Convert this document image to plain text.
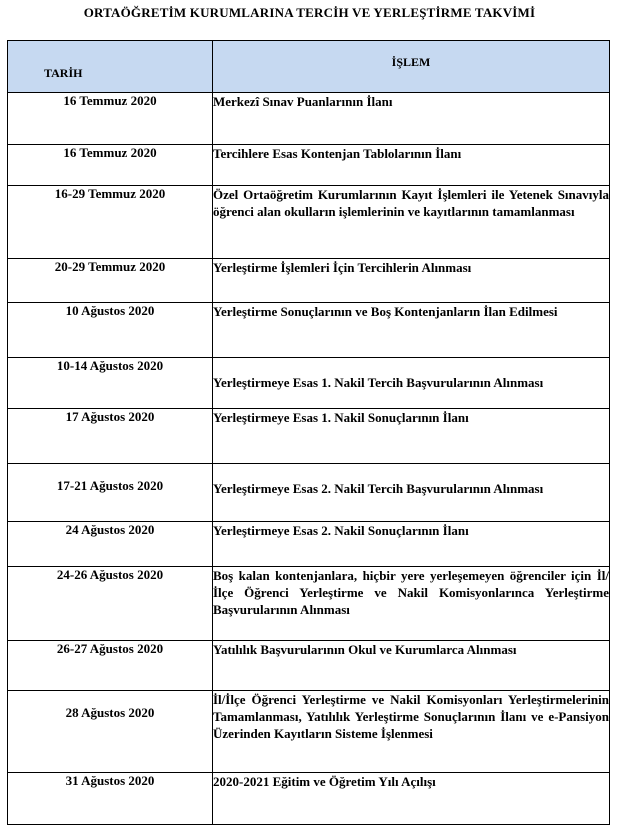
ORTAÖĞRETİM KURUMLARINA TERCİH VE YERLEŞTİRME TAKVİMİ
TARİH	İŞLEM
16 Temmuz 2020	Merkezî Sınav Puanlarının İlanı
16 Temmuz 2020	Tercihlere Esas Kontenjan Tablolarının İlanı
16-29 Temmuz 2020	Özel Ortaöğretim Kurumlarının Kayıt İşlemleri ile Yetenek Sınavıyla öğrenci alan okulların işlemlerinin ve kayıtlarının tamamlanması
20-29 Temmuz 2020	Yerleştirme İşlemleri İçin Tercihlerin Alınması
10 Ağustos 2020	Yerleştirme Sonuçlarının ve Boş Kontenjanların İlan Edilmesi
10-14 Ağustos 2020	Yerleştirmeye Esas 1. Nakil Tercih Başvurularının Alınması
17 Ağustos 2020	Yerleştirmeye Esas 1. Nakil Sonuçlarının İlanı
17-21 Ağustos 2020	Yerleştirmeye Esas 2. Nakil Tercih Başvurularının Alınması
24 Ağustos 2020	Yerleştirmeye Esas 2. Nakil Sonuçlarının İlanı
24-26 Ağustos 2020	Boş kalan kontenjanlara, hiçbir yere yerleşemeyen öğrenciler için İl/İlçe Öğrenci Yerleştirme ve Nakil Komisyonlarınca Yerleştirme Başvurularının Alınması
26-27 Ağustos 2020	Yatılılık Başvurularının Okul ve Kurumlarca Alınması
28 Ağustos 2020	İl/İlçe Öğrenci Yerleştirme ve Nakil Komisyonları Yerleştirmelerinin Tamamlanması, Yatılılık Yerleştirme Sonuçlarının İlanı ve e-Pansiyon Üzerinden Kayıtların Sisteme İşlenmesi
31 Ağustos 2020	2020-2021 Eğitim ve Öğretim Yılı Açılışı
